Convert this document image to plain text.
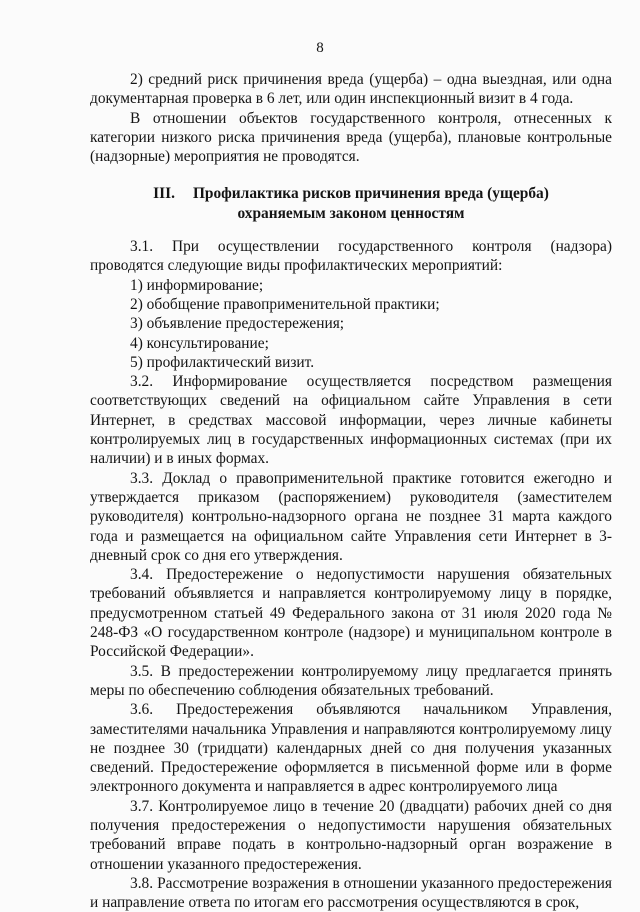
8

2) средний риск причинения вреда (ущерба) – одна выездная, или одна документарная проверка в 6 лет, или один инспекционный визит в 4 года.

В отношении объектов государственного контроля, отнесенных к категории низкого риска причинения вреда (ущерба), плановые контрольные (надзорные) мероприятия не проводятся.

III. Профилактика рисков причинения вреда (ущерба)
охраняемым законом ценностям

3.1. При осуществлении государственного контроля (надзора) проводятся следующие виды профилактических мероприятий:

1) информирование;

2) обобщение правоприменительной практики;

3) объявление предостережения;

4) консультирование;

5) профилактический визит.

3.2. Информирование осуществляется посредством размещения соответствующих сведений на официальном сайте Управления в сети Интернет, в средствах массовой информации, через личные кабинеты контролируемых лиц в государственных информационных системах (при их наличии) и в иных формах.

3.3. Доклад о правоприменительной практике готовится ежегодно и утверждается приказом (распоряжением) руководителя (заместителем руководителя) контрольно-надзорного органа не позднее 31 марта каждого года и размещается на официальном сайте Управления сети Интернет в 3-дневный срок со дня его утверждения.

3.4. Предостережение о недопустимости нарушения обязательных требований объявляется и направляется контролируемому лицу в порядке, предусмотренном статьей 49 Федерального закона от 31 июля 2020 года № 248-ФЗ «О государственном контроле (надзоре) и муниципальном контроле в Российской Федерации».

3.5. В предостережении контролируемому лицу предлагается принять меры по обеспечению соблюдения обязательных требований.

3.6. Предостережения объявляются начальником Управления, заместителями начальника Управления и направляются контролируемому лицу не позднее 30 (тридцати) календарных дней со дня получения указанных сведений. Предостережение оформляется в письменной форме или в форме электронного документа и направляется в адрес контролируемого лица

3.7. Контролируемое лицо в течение 20 (двадцати) рабочих дней со дня получения предостережения о недопустимости нарушения обязательных требований вправе подать в контрольно-надзорный орган возражение в отношении указанного предостережения.

3.8. Рассмотрение возражения в отношении указанного предостережения и направление ответа по итогам его рассмотрения осуществляются в срок,
